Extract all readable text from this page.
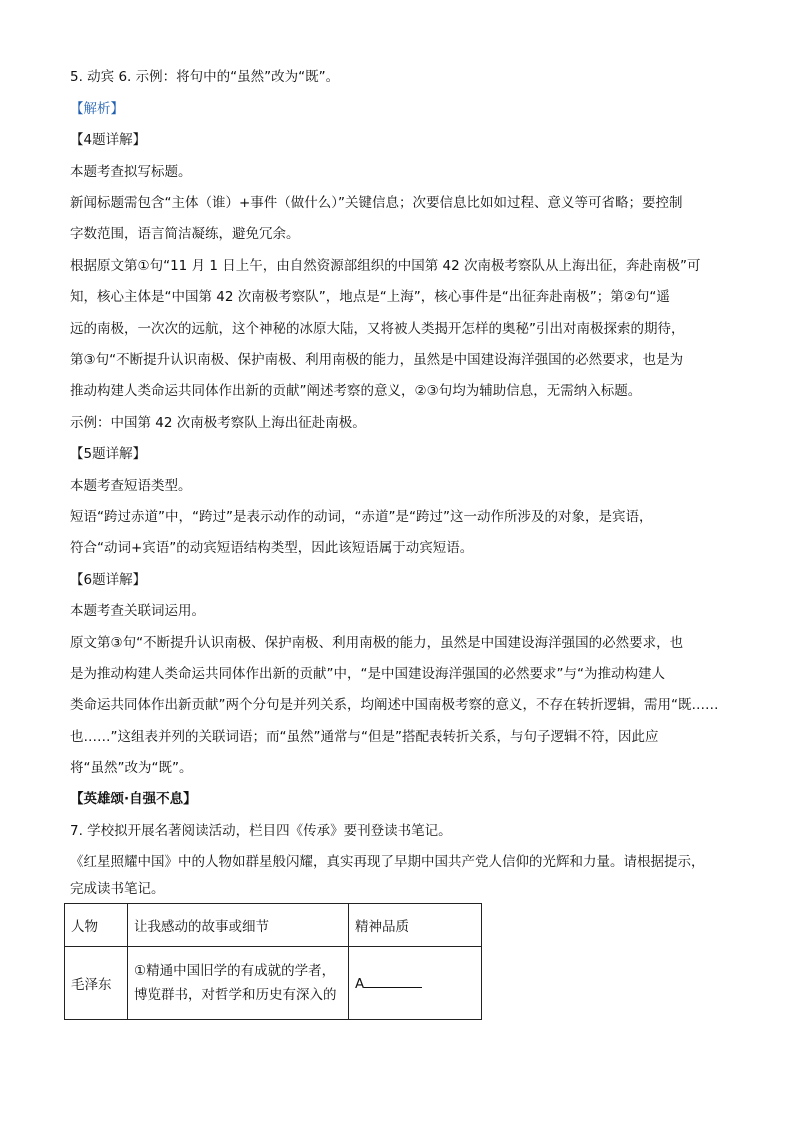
5. 动宾 6. 示例：将句中的“虽然”改为“既”。
【解析】
【4题详解】
本题考查拟写标题。
新闻标题需包含“主体（谁）+事件（做什么）”关键信息；次要信息比如如过程、意义等可省略；要控制
字数范围，语言简洁凝练，避免冗余。
根据原文第①句“11 月 1 日上午，由自然资源部组织的中国第 42 次南极考察队从上海出征，奔赴南极”可
知，核心主体是“中国第 42 次南极考察队”，地点是“上海”，核心事件是“出征奔赴南极”；第②句“遥
远的南极，一次次的远航，这个神秘的冰原大陆，又将被人类揭开怎样的奥秘”引出对南极探索的期待，
第③句“不断提升认识南极、保护南极、利用南极的能力，虽然是中国建设海洋强国的必然要求，也是为
推动构建人类命运共同体作出新的贡献”阐述考察的意义，②③句均为辅助信息，无需纳入标题。
示例：中国第 42 次南极考察队上海出征赴南极。
【5题详解】
本题考查短语类型。
短语“跨过赤道”中，“跨过”是表示动作的动词，“赤道”是“跨过”这一动作所涉及的对象，是宾语，
符合“动词+宾语”的动宾短语结构类型，因此该短语属于动宾短语。
【6题详解】
本题考查关联词运用。
原文第③句“不断提升认识南极、保护南极、利用南极的能力，虽然是中国建设海洋强国的必然要求，也
是为推动构建人类命运共同体作出新的贡献”中，“是中国建设海洋强国的必然要求”与“为推动构建人
类命运共同体作出新贡献”两个分句是并列关系，均阐述中国南极考察的意义，不存在转折逻辑，需用“既……
也……”这组表并列的关联词语；而“虽然”通常与“但是”搭配表转折关系，与句子逻辑不符，因此应
将“虽然”改为“既”。
【英雄颂·自强不息】
7. 学校拟开展名著阅读活动，栏目四《传承》要刊登读书笔记。
《红星照耀中国》中的人物如群星般闪耀，真实再现了早期中国共产党人信仰的光辉和力量。请根据提示，
完成读书笔记。
人物	让我感动的故事或细节	精神品质
毛泽东	①精通中国旧学的有成就的学者，
博览群书，对哲学和历史有深入的	A
